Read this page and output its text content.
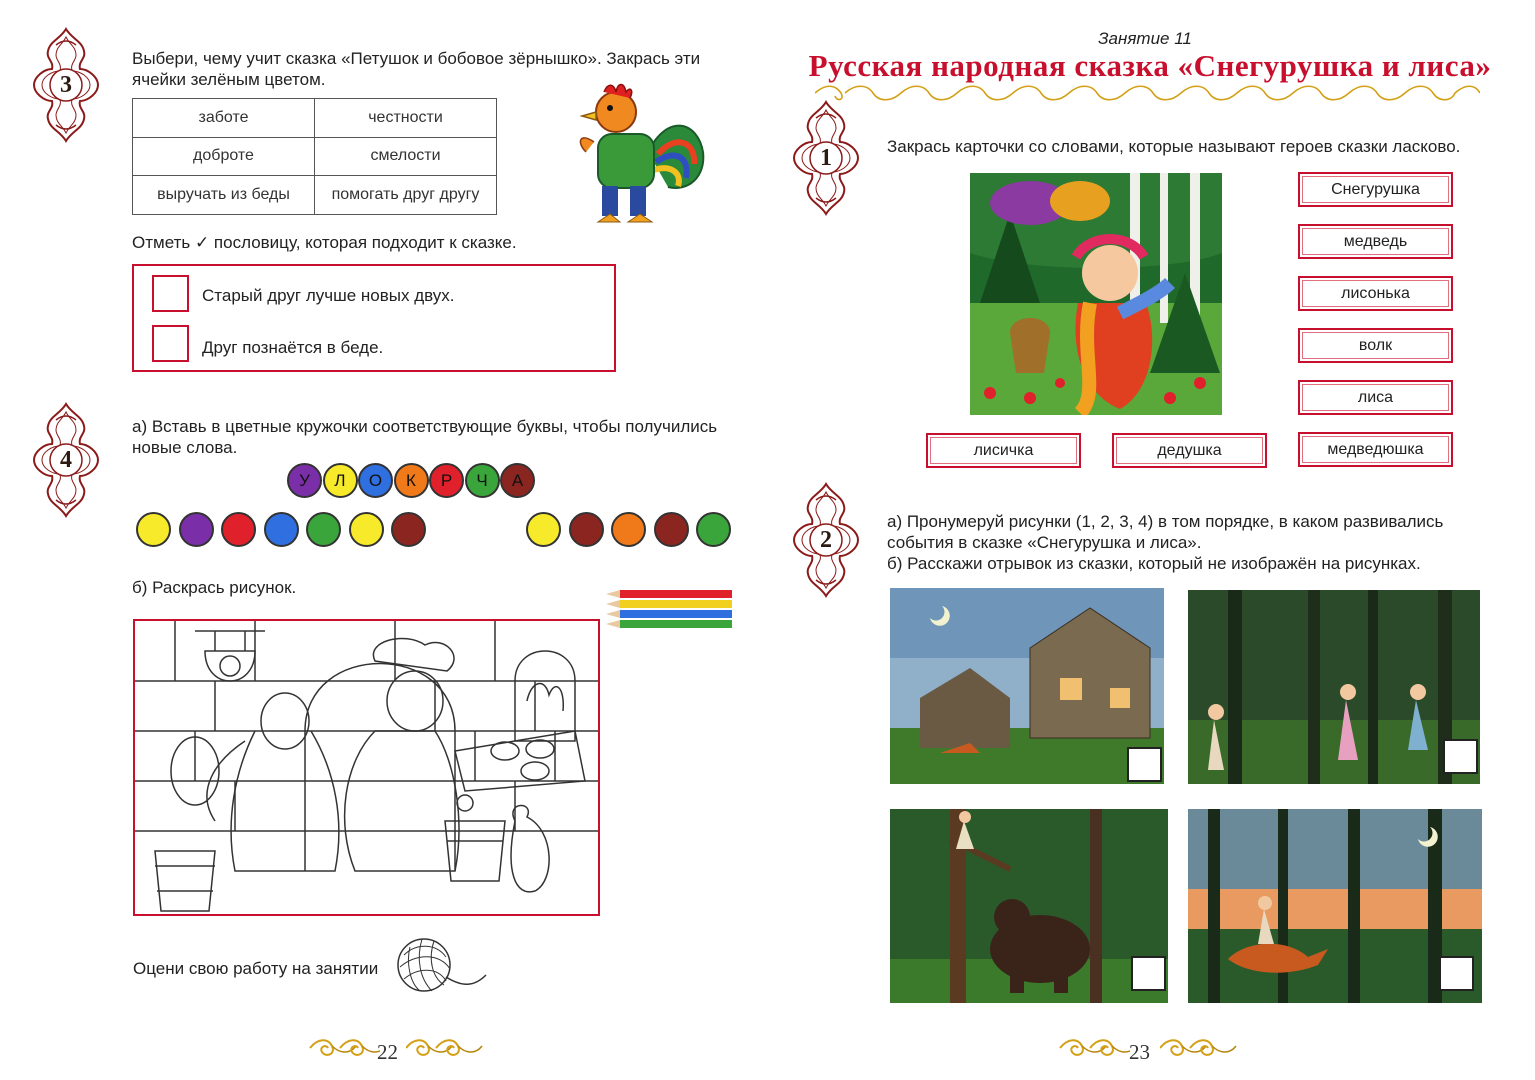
3
Выбери, чему учит сказка «Петушок и бобовое зёрнышко». Закрась эти
ячейки зелёным цветом.
заботе	честности
доброте	смелости
выручать из беды	помогать друг другу
Отметь ✓ пословицу, которая подходит к сказке.
Старый друг лучше новых двух.
Друг познаётся в беде.
4
а) Вставь в цветные кружочки соответствующие буквы, чтобы получились
новые слова.
У Л О К Р Ч А
б) Раскрась рисунок.
Оцени свою работу на занятии
22
Занятие 11
Русская народная сказка «Снегурушка и лиса»
1	Закрась карточки со словами, которые называют героев сказки ласково.
Снегурушка
медведь
лисонька
волк
лиса
медведюшка
лисичка	дедушка
2
а) Пронумеруй рисунки (1, 2, 3, 4) в том порядке, в каком развивались
события в сказке «Снегурушка и лиса».
б) Расскажи отрывок из сказки, который не изображён на рисунках.
23
